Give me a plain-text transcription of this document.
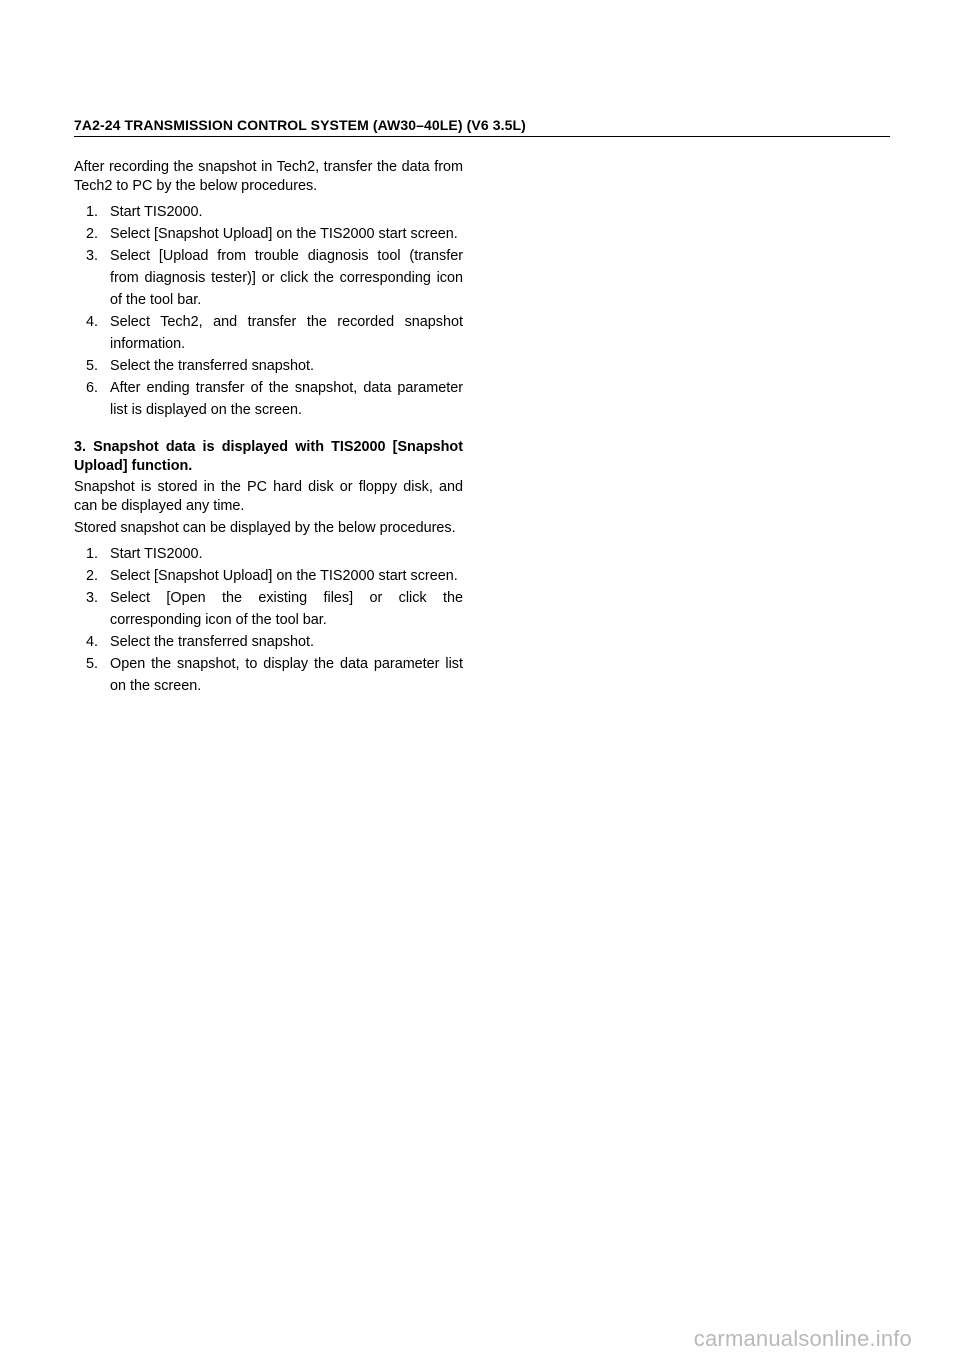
7A2-24 TRANSMISSION CONTROL SYSTEM (AW30–40LE) (V6 3.5L)

After recording the snapshot in Tech2, transfer the data from Tech2 to PC by the below procedures.

1. Start TIS2000.
2. Select [Snapshot Upload] on the TIS2000 start screen.
3. Select [Upload from trouble diagnosis tool (transfer from diagnosis tester)] or click the corresponding icon of the tool bar.
4. Select Tech2, and transfer the recorded snapshot information.
5. Select the transferred snapshot.
6. After ending transfer of the snapshot, data parameter list is displayed on the screen.

3. Snapshot data is displayed with TIS2000 [Snapshot Upload] function.

Snapshot is stored in the PC hard disk or floppy disk, and can be displayed any time.

Stored snapshot can be displayed by the below procedures.

1. Start TIS2000.
2. Select [Snapshot Upload] on the TIS2000 start screen.
3. Select [Open the existing files] or click the corresponding icon of the tool bar.
4. Select the transferred snapshot.
5. Open the snapshot, to display the data parameter list on the screen.
carmanualsonline.info
